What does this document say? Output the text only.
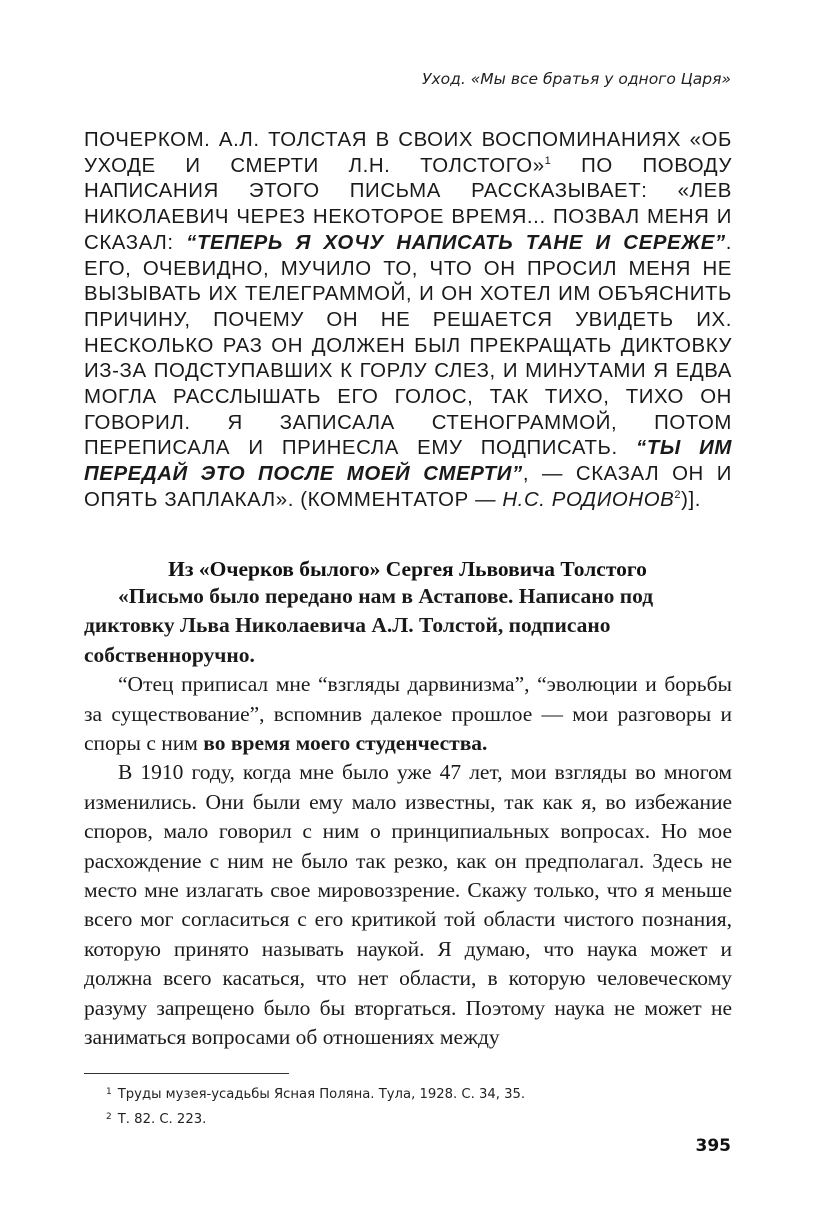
Уход. «Мы все братья у одного Царя»

ПОЧЕРКОМ. А.Л. ТОЛСТАЯ В СВОИХ ВОСПОМИНАНИЯХ «ОБ УХОДЕ И СМЕРТИ Л.Н. ТОЛСТОГО»$^1$ ПО ПОВОДУ НАПИСАНИЯ ЭТОГО ПИСЬМА РАССКАЗЫВАЕТ: «ЛЕВ НИКОЛАЕВИЧ ЧЕРЕЗ НЕКОТОРОЕ ВРЕМЯ... ПОЗВАЛ МЕНЯ И СКАЗАЛ: “ТЕПЕРЬ Я ХОЧУ НАПИСАТЬ ТАНЕ И СЕРЕЖЕ”. ЕГО, ОЧЕВИДНО, МУЧИЛО ТО, ЧТО ОН ПРОСИЛ МЕНЯ НЕ ВЫЗЫВАТЬ ИХ ТЕЛЕГРАММОЙ, И ОН ХОТЕЛ ИМ ОБЪЯСНИТЬ ПРИЧИНУ, ПОЧЕМУ ОН НЕ РЕШАЕТСЯ УВИДЕТЬ ИХ. НЕСКОЛЬКО РАЗ ОН ДОЛЖЕН БЫЛ ПРЕКРАЩАТЬ ДИКТОВКУ ИЗ-ЗА ПОДСТУПАВШИХ К ГОРЛУ СЛЕЗ, И МИНУТАМИ Я ЕДВА МОГЛА РАССЛЫШАТЬ ЕГО ГОЛОС, ТАК ТИХО, ТИХО ОН ГОВОРИЛ. Я ЗАПИСАЛА СТЕНОГРАММОЙ, ПОТОМ ПЕРЕПИСАЛА И ПРИНЕСЛА ЕМУ ПОДПИСАТЬ. “ТЫ ИМ ПЕРЕДАЙ ЭТО ПОСЛЕ МОЕЙ СМЕРТИ”, — СКАЗАЛ ОН И ОПЯТЬ ЗАПЛАКАЛ». (КОММЕНТАТОР — Н.С. РОДИОНОВ$^2$)].

Из «Очерков былого» Сергея Львовича Толстого

«Письмо было передано нам в Астапове. Написано под диктовку Льва Николаевича А.Л. Толстой, подписано собственноручно.

“Отец приписал мне “взгляды дарвинизма”, “эволюции и борьбы за существование”, вспомнив далекое прошлое — мои разговоры и споры с ним во время моего студенчества.

В 1910 году, когда мне было уже 47 лет, мои взгляды во многом изменились. Они были ему мало известны, так как я, во избежание споров, мало говорил с ним о принципиальных вопросах. Но мое расхождение с ним не было так резко, как он предполагал. Здесь не место мне излагать свое мировоззрение. Скажу только, что я меньше всего мог согласиться с его критикой той области чистого познания, которую принято называть наукой. Я думаю, что наука может и должна всего касаться, что нет области, в которую человеческому разуму запрещено было бы вторгаться. Поэтому наука не может не заниматься вопросами об отношениях между

$^1$ Труды музея-усадьбы Ясная Поляна. Тула, 1928. С. 34, 35.
$^2$ Т. 82. С. 223.
395
